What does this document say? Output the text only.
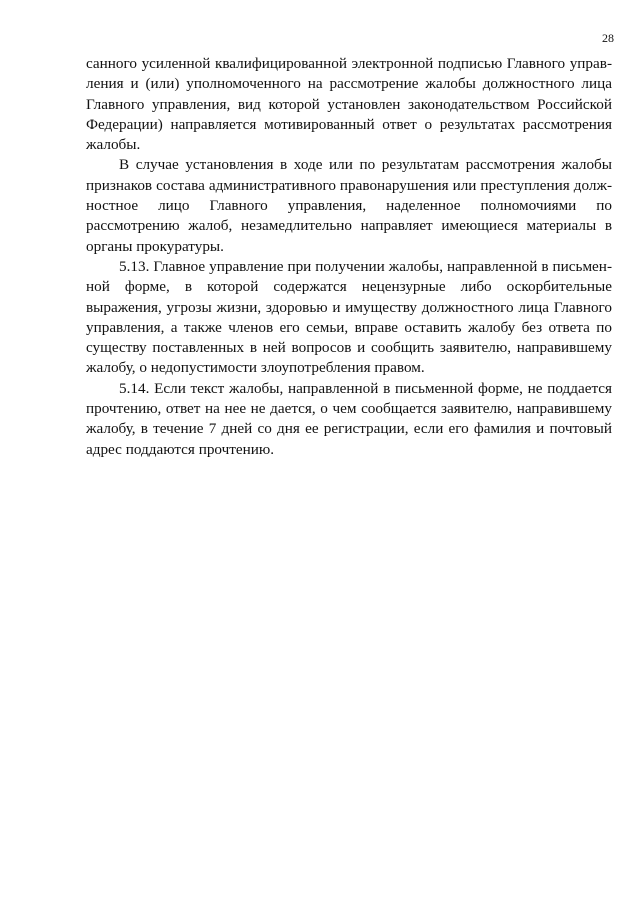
28

санного усиленной квалифицированной электронной подписью Главного управления и (или) уполномоченного на рассмотрение жалобы должностного лица Главного управления, вид которой установлен законодательством Российской Федерации) направляется мотивированный ответ о результатах рассмотрения жалобы.

В случае установления в ходе или по результатам рассмотрения жалобы признаков состава административного правонарушения или преступления должностное лицо Главного управления, наделенное полномочиями по рассмотрению жалоб, незамедлительно направляет имеющиеся материалы в органы прокуратуры.

5.13. Главное управление при получении жалобы, направленной в письменной форме, в которой содержатся нецензурные либо оскорбительные выражения, угрозы жизни, здоровью и имуществу должностного лица Главного управления, а также членов его семьи, вправе оставить жалобу без ответа по существу поставленных в ней вопросов и сообщить заявителю, направившему жалобу, о недопустимости злоупотребления правом.

5.14. Если текст жалобы, направленной в письменной форме, не поддается прочтению, ответ на нее не дается, о чем сообщается заявителю, направившему жалобу, в течение 7 дней со дня ее регистрации, если его фамилия и почтовый адрес поддаются прочтению.
